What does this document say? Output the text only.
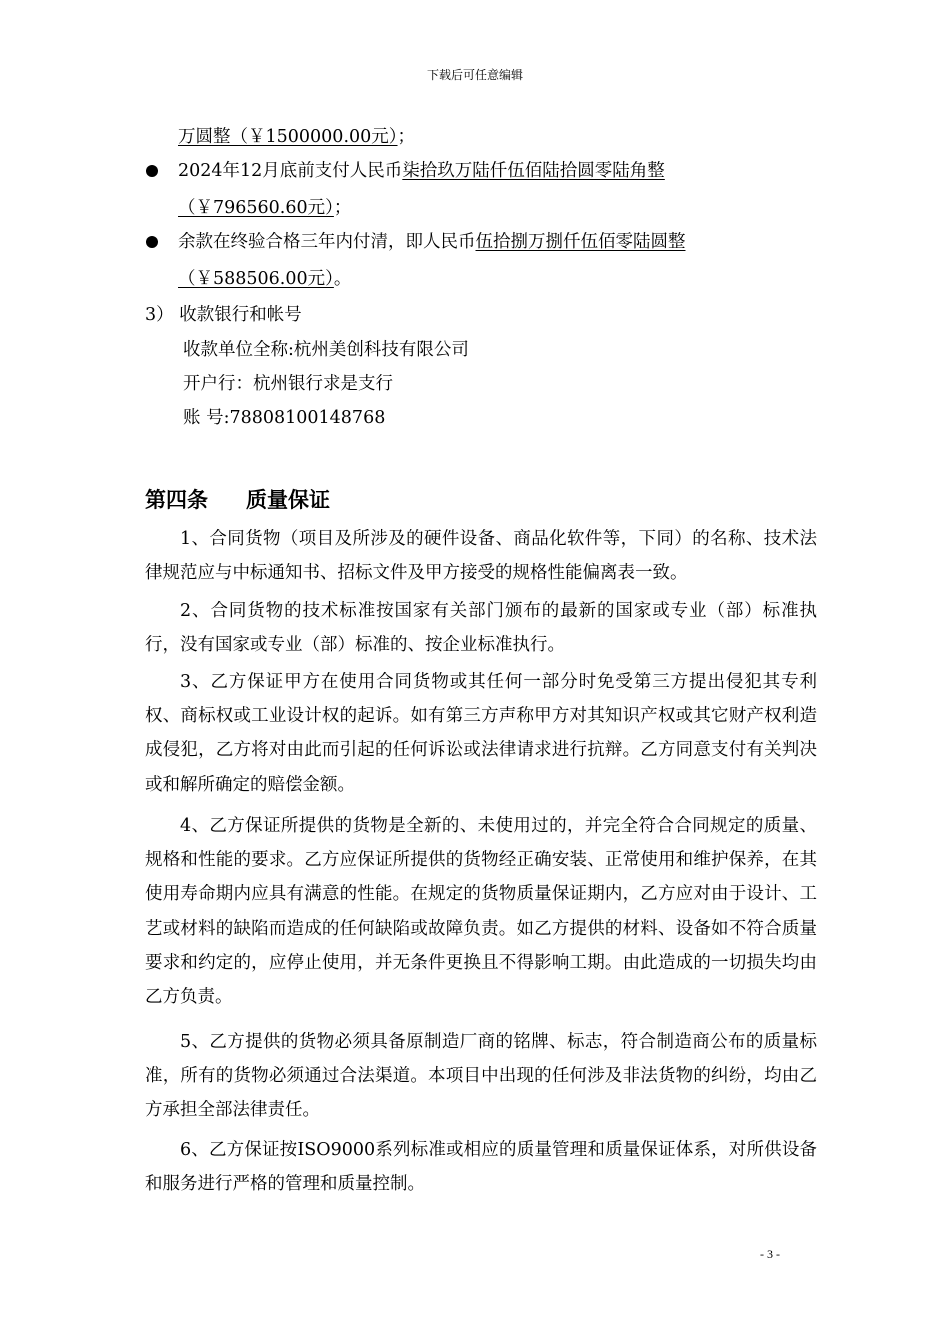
下载后可任意编辑
万圆整（￥1500000.00元）；
2024年12月底前支付人民币柒拾玖万陆仟伍佰陆拾圆零陆角整
（￥796560.60元）；
余款在终验合格三年内付清，即人民币伍拾捌万捌仟伍佰零陆圆整
（￥588506.00元）。
3） 收款银行和帐号
收款单位全称:杭州美创科技有限公司
开户行：杭州银行求是支行
账 号:78808100148768
第四条 质量保证
1、合同货物（项目及所涉及的硬件设备、商品化软件等，下同）的名称、技术法律规范应与中标通知书、招标文件及甲方接受的规格性能偏离表一致。
2、合同货物的技术标准按国家有关部门颁布的最新的国家或专业（部）标准执行，没有国家或专业（部）标准的、按企业标准执行。
3、乙方保证甲方在使用合同货物或其任何一部分时免受第三方提出侵犯其专利权、商标权或工业设计权的起诉。如有第三方声称甲方对其知识产权或其它财产权利造成侵犯，乙方将对由此而引起的任何诉讼或法律请求进行抗辩。乙方同意支付有关判决或和解所确定的赔偿金额。
4、乙方保证所提供的货物是全新的、未使用过的，并完全符合合同规定的质量、规格和性能的要求。乙方应保证所提供的货物经正确安装、正常使用和维护保养，在其使用寿命期内应具有满意的性能。在规定的货物质量保证期内，乙方应对由于设计、工艺或材料的缺陷而造成的任何缺陷或故障负责。如乙方提供的材料、设备如不符合质量要求和约定的，应停止使用，并无条件更换且不得影响工期。由此造成的一切损失均由乙方负责。
5、乙方提供的货物必须具备原制造厂商的铭牌、标志，符合制造商公布的质量标准，所有的货物必须通过合法渠道。本项目中出现的任何涉及非法货物的纠纷，均由乙方承担全部法律责任。
6、乙方保证按ISO9000系列标准或相应的质量管理和质量保证体系，对所供设备和服务进行严格的管理和质量控制。
- 3 -
